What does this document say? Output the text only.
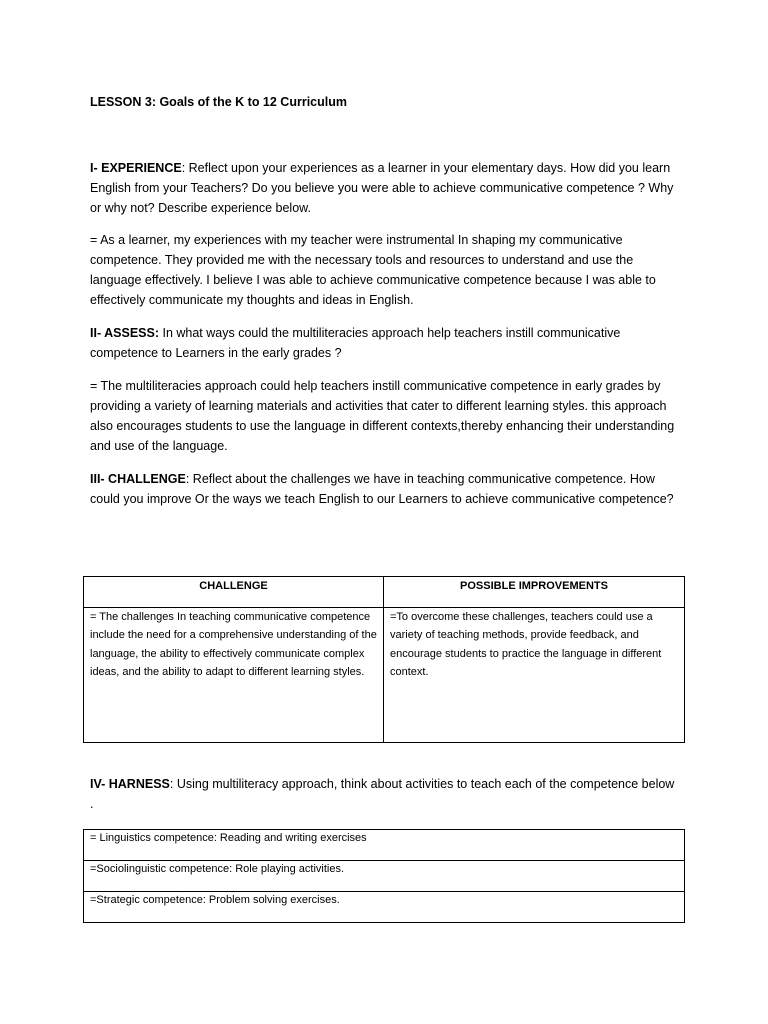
LESSON 3: Goals of the K to 12 Curriculum

I- EXPERIENCE: Reflect upon your experiences as a learner in your elementary days. How did you learn English from your Teachers? Do you believe you were able to achieve communicative competence ? Why or why not? Describe experience below.

= As a learner, my experiences with my teacher were instrumental In shaping my communicative competence. They provided me with the necessary tools and resources to understand and use the language effectively. I believe I was able to achieve communicative competence because I was able to effectively communicate my thoughts and ideas in English.

II- ASSESS: In what ways could the multiliteracies approach help teachers instill communicative competence to Learners in the early grades ?

= The multiliteracies approach could help teachers instill communicative competence in early grades by providing a variety of learning materials and activities that cater to different learning styles. this approach also encourages students to use the language in different contexts,thereby enhancing their understanding and use of the language.

III- CHALLENGE: Reflect about the challenges we have in teaching communicative competence. How could you improve Or the ways we teach English to our Learners to achieve communicative competence?

CHALLENGE	POSSIBLE IMPROVEMENTS
= The challenges In teaching communicative competence include the need for a comprehensive understanding of the language, the ability to effectively communicate complex ideas, and the ability to adapt to different learning styles.	=To overcome these challenges, teachers could use a variety of teaching methods, provide feedback, and encourage students to practice the language in different context.

IV- HARNESS: Using multiliteracy approach, think about activities to teach each of the competence below .

= Linguistics competence: Reading and writing exercises
=Sociolinguistic competence: Role playing activities.
=Strategic competence: Problem solving exercises.
